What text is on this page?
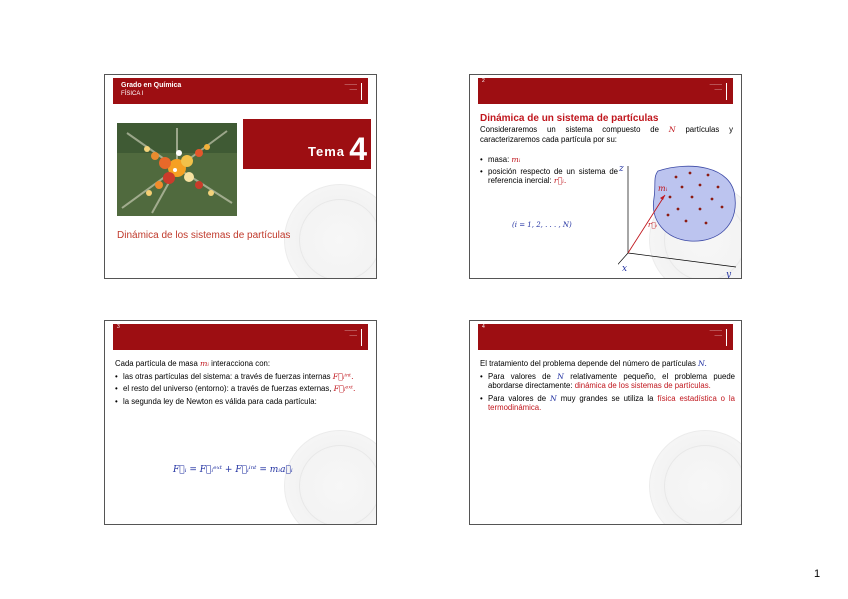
Grado en Química
FÍSICA I
─────
───
Tema 4
Dinámica de los sistemas de partículas
2
─────
───
Dinámica de un sistema de partículas
Consideraremos un sistema compuesto de N partículas y caracterizaremos cada partícula por su:
• masa: mᵢ
• posición respecto de un sistema de referencia inercial: r⃗ᵢ.
(i = 1, 2, . . . , N)
z
x
y
mᵢ
r⃗ᵢ
3
─────
───
Cada partícula de masa mᵢ interacciona con:
• las otras partículas del sistema: a través de fuerzas internas F⃗ᵢⁱⁿᵗ.
• el resto del universo (entorno): a través de fuerzas externas, F⃗ᵢᵉˣᵗ.
• la segunda ley de Newton es válida para cada partícula:
F⃗ᵢ = F⃗ᵢᵉˣᵗ + F⃗ᵢⁱⁿᵗ = mᵢa⃗ᵢ
4
─────
───
El tratamiento del problema depende del número de partículas N.
• Para valores de N relativamente pequeño, el problema puede abordarse directamente: dinámica de los sistemas de partículas.
• Para valores de N muy grandes se utiliza la física estadística o la termodinámica.
1
